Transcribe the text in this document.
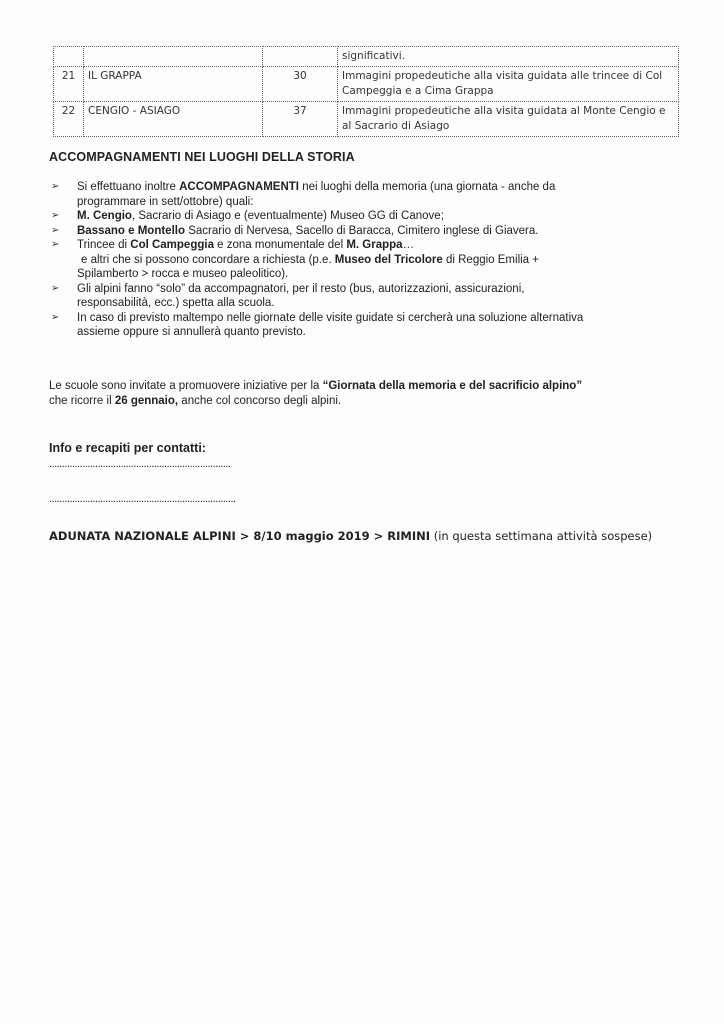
			significativi.
21	IL GRAPPA	30	Immagini propedeutiche alla visita guidata alle trincee di Col Campeggia e a Cima Grappa
22	CENGIO - ASIAGO	37	Immagini propedeutiche alla visita guidata al Monte Cengio e al Sacrario di Asiago
ACCOMPAGNAMENTI NEI LUOGHI DELLA STORIA
➢ Si effettuano inoltre ACCOMPAGNAMENTI nei luoghi della memoria (una giornata - anche da
programmare in sett/ottobre) quali:
➢ M. Cengio, Sacrario di Asiago e (eventualmente) Museo GG di Canove;
➢ Bassano e Montello Sacrario di Nervesa, Sacello di Baracca, Cimitero inglese di Giavera.
➢ Trincee di Col Campeggia e zona monumentale del M. Grappa…
e altri che si possono concordare a richiesta (p.e. Museo del Tricolore di Reggio Emilia +
Spilamberto > rocca e museo paleolitico).
➢ Gli alpini fanno “solo” da accompagnatori, per il resto (bus, autorizzazioni, assicurazioni,
responsabilità, ecc.) spetta alla scuola.
➢ In caso di previsto maltempo nelle giornate delle visite guidate si cercherà una soluzione alternativa
assieme oppure si annullerà quanto previsto.
Le scuole sono invitate a promuovere iniziative per la “Giornata della memoria e del sacrificio alpino”
che ricorre il 26 gennaio, anche col concorso degli alpini.
Info e recapiti per contatti:
.......................................................................
.........................................................................
ADUNATA NAZIONALE ALPINI > 8/10 maggio 2019 > RIMINI (in questa settimana attività sospese)
